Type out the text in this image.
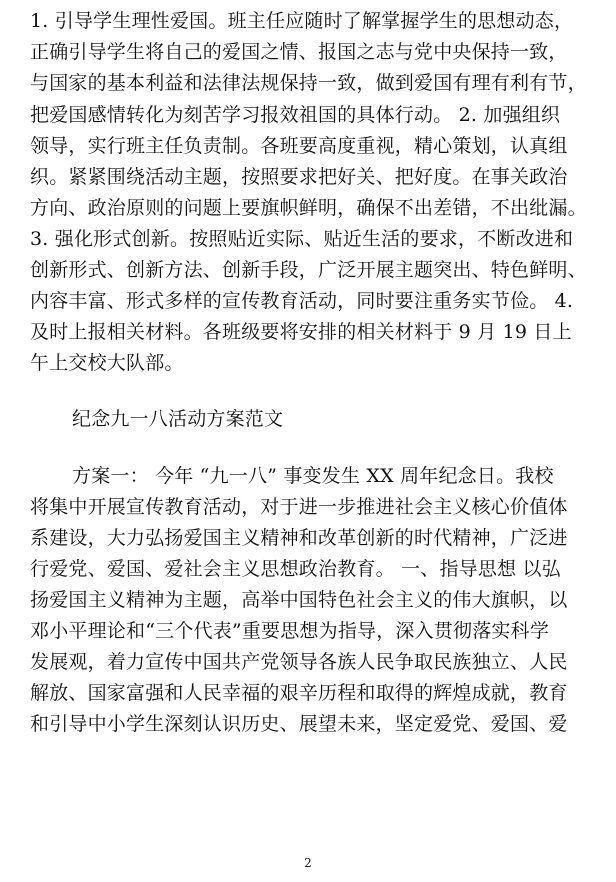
1. 引导学生理性爱国。班主任应随时了解掌握学生的思想动态，
正确引导学生将自己的爱国之情、报国之志与党中央保持一致，
与国家的基本利益和法律法规保持一致，做到爱国有理有利有节，
把爱国感情转化为刻苦学习报效祖国的具体行动。 2. 加强组织
领导，实行班主任负责制。各班要高度重视，精心策划，认真组
织。紧紧围绕活动主题，按照要求把好关、把好度。在事关政治
方向、政治原则的问题上要旗帜鲜明，确保不出差错，不出纰漏。
3. 强化形式创新。按照贴近实际、贴近生活的要求，不断改进和
创新形式、创新方法、创新手段，广泛开展主题突出、特色鲜明、
内容丰富、形式多样的宣传教育活动，同时要注重务实节俭。 4.
及时上报相关材料。各班级要将安排的相关材料于 9 月 19 日上
午上交校大队部。
纪念九一八活动方案范文
方案一： 今年 “九一八” 事变发生 XX 周年纪念日。我校
将集中开展宣传教育活动，对于进一步推进社会主义核心价值体
系建设，大力弘扬爱国主义精神和改革创新的时代精神，广泛进
行爱党、爱国、爱社会主义思想政治教育。 一、指导思想 以弘
扬爱国主义精神为主题，高举中国特色社会主义的伟大旗帜，以
邓小平理论和“三个代表”重要思想为指导，深入贯彻落实科学
发展观，着力宣传中国共产党领导各族人民争取民族独立、人民
解放、国家富强和人民幸福的艰辛历程和取得的辉煌成就，教育
和引导中小学生深刻认识历史、展望未来，坚定爱党、爱国、爱
2
